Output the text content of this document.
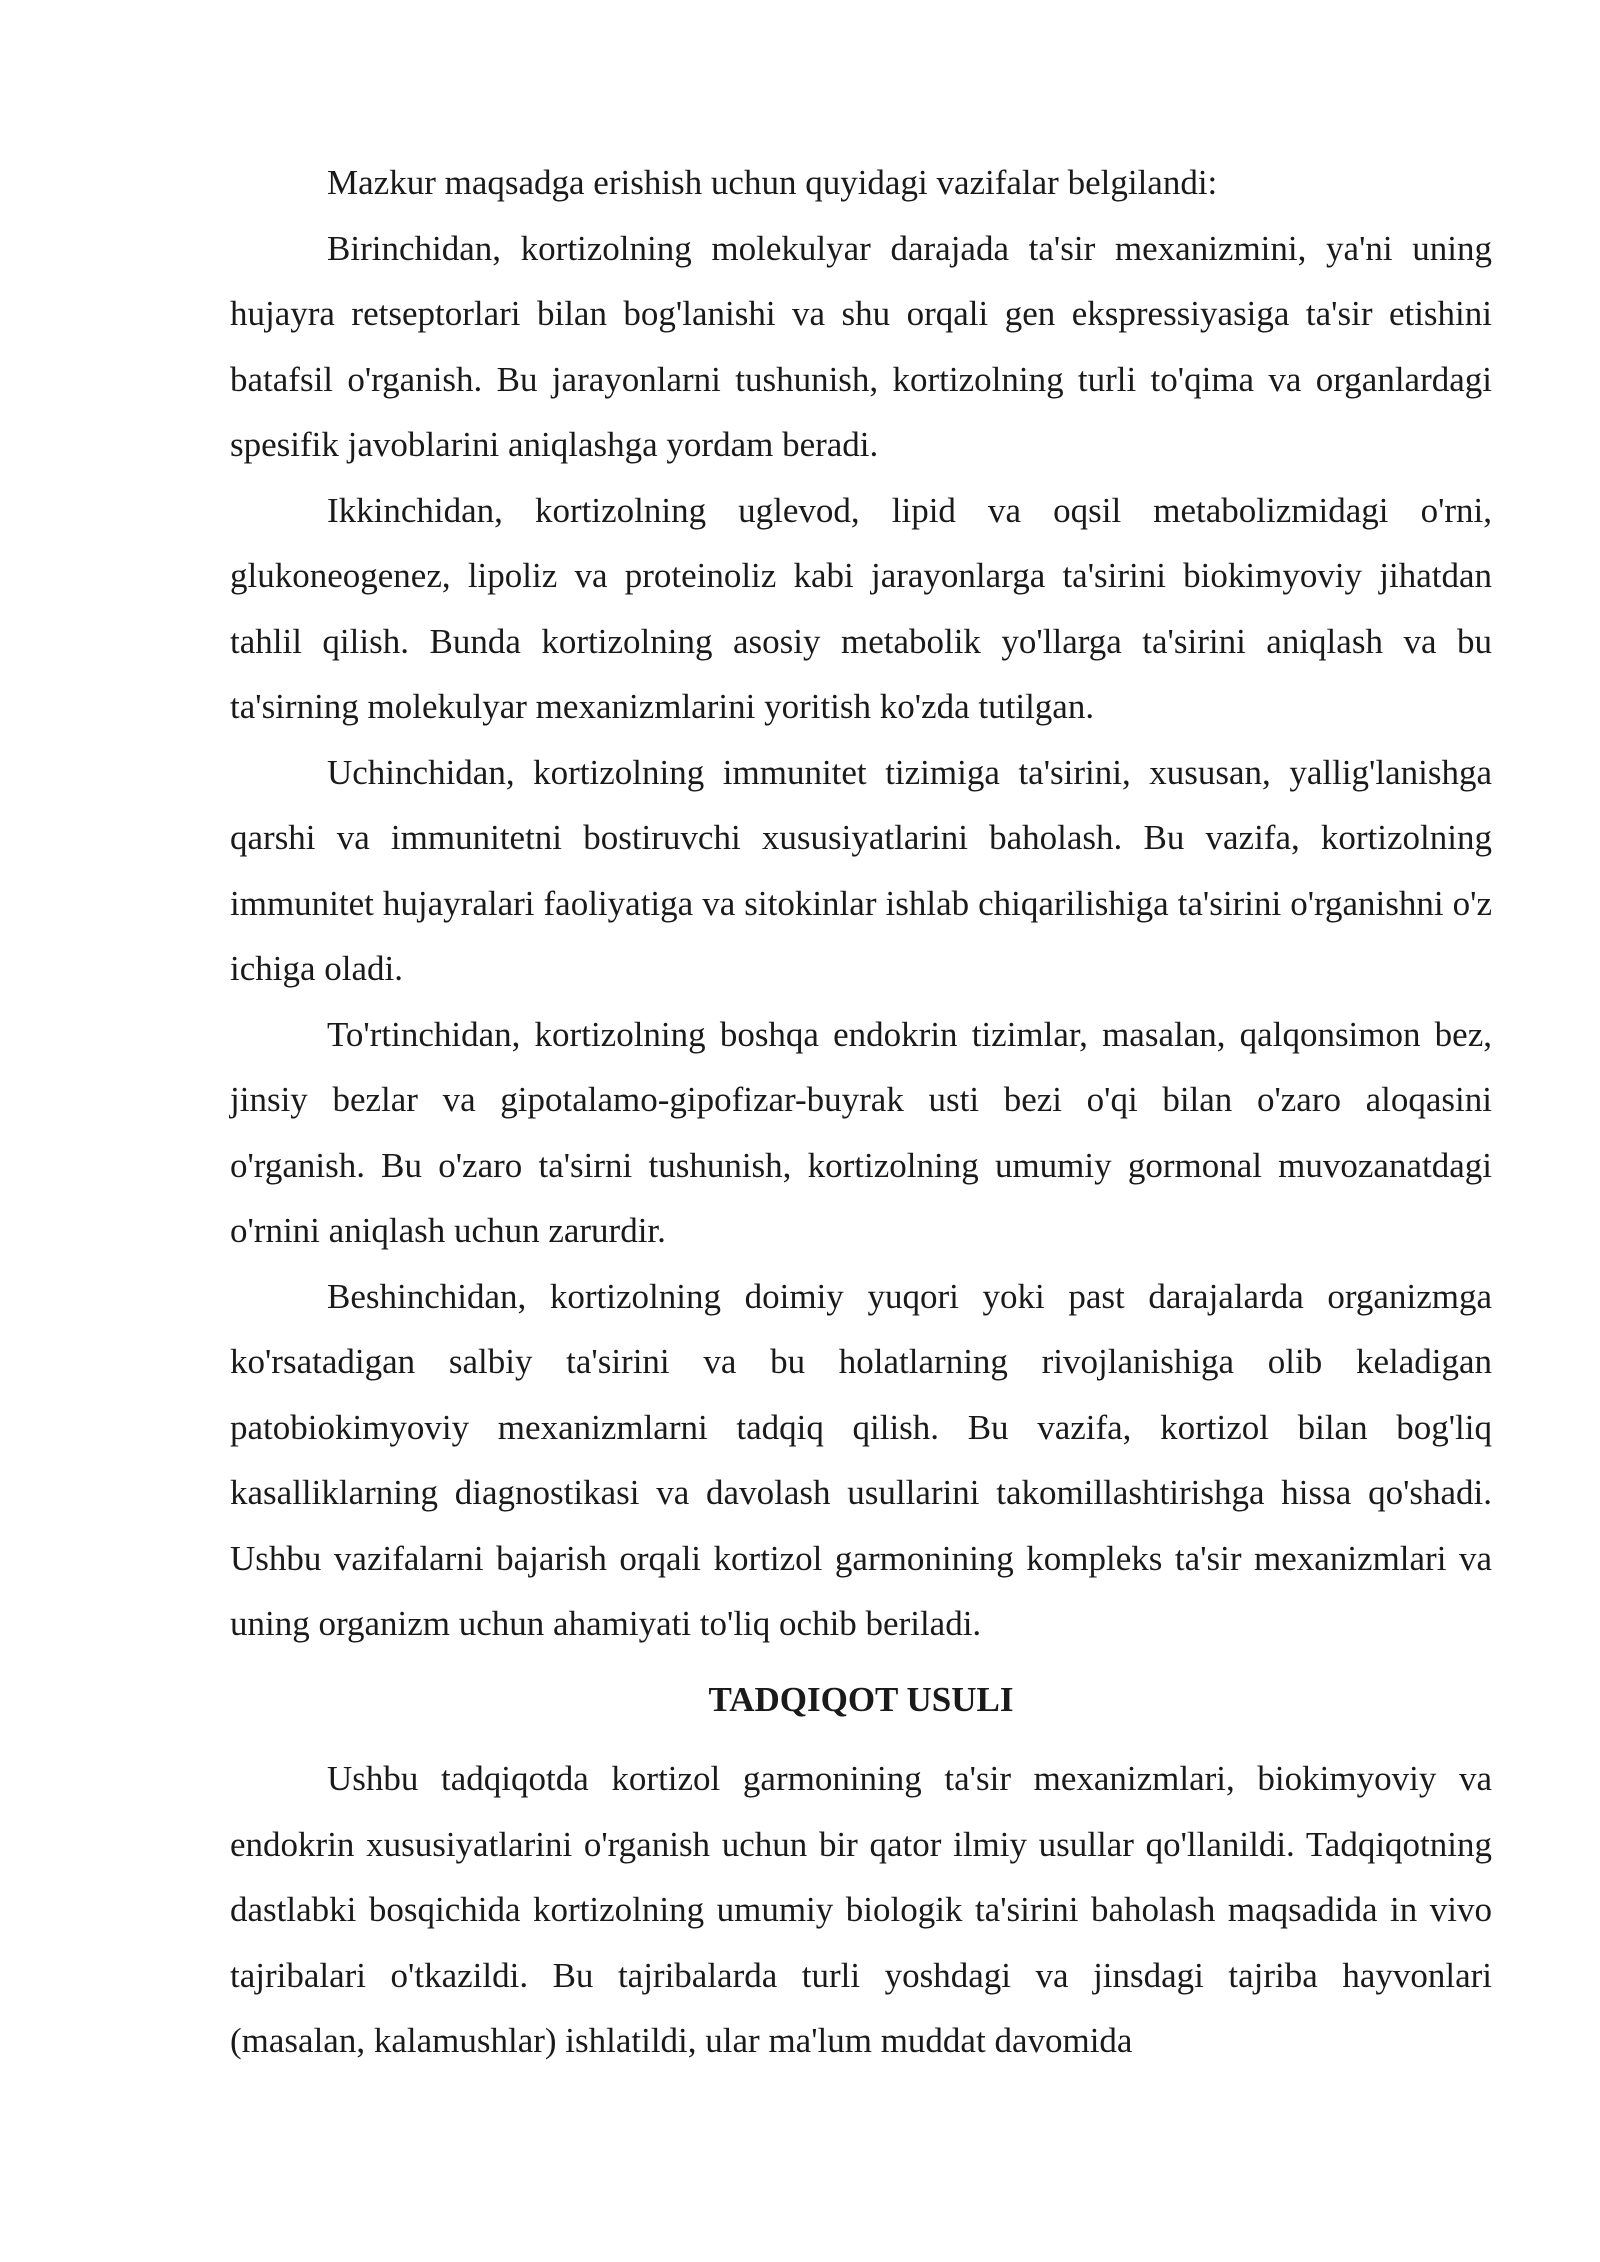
Mazkur maqsadga erishish uchun quyidagi vazifalar belgilandi:

Birinchidan, kortizolning molekulyar darajada ta'sir mexanizmini, ya'ni uning hujayra retseptorlari bilan bog'lanishi va shu orqali gen ekspressiyasiga ta'sir etishini batafsil o'rganish. Bu jarayonlarni tushunish, kortizolning turli to'qima va organlardagi spesifik javoblarini aniqlashga yordam beradi.

Ikkinchidan, kortizolning uglevod, lipid va oqsil metabolizmidagi o'rni, glukoneogenez, lipoliz va proteinoliz kabi jarayonlarga ta'sirini biokimyoviy jihatdan tahlil qilish. Bunda kortizolning asosiy metabolik yo'llarga ta'sirini aniqlash va bu ta'sirning molekulyar mexanizmlarini yoritish ko'zda tutilgan.

Uchinchidan, kortizolning immunitet tizimiga ta'sirini, xususan, yallig'lanishga qarshi va immunitetni bostiruvchi xususiyatlarini baholash. Bu vazifa, kortizolning immunitet hujayralari faoliyatiga va sitokinlar ishlab chiqarilishiga ta'sirini o'rganishni o'z ichiga oladi.

To'rtinchidan, kortizolning boshqa endokrin tizimlar, masalan, qalqonsimon bez, jinsiy bezlar va gipotalamo-gipofizar-buyrak usti bezi o'qi bilan o'zaro aloqasini o'rganish. Bu o'zaro ta'sirni tushunish, kortizolning umumiy gormonal muvozanatdagi o'rnini aniqlash uchun zarurdir.

Beshinchidan, kortizolning doimiy yuqori yoki past darajalarda organizmga ko'rsatadigan salbiy ta'sirini va bu holatlarning rivojlanishiga olib keladigan patobiokimyoviy mexanizmlarni tadqiq qilish. Bu vazifa, kortizol bilan bog'liq kasalliklarning diagnostikasi va davolash usullarini takomillashtirishga hissa qo'shadi. Ushbu vazifalarni bajarish orqali kortizol garmonining kompleks ta'sir mexanizmlari va uning organizm uchun ahamiyati to'liq ochib beriladi.

TADQIQOT USULI

Ushbu tadqiqotda kortizol garmonining ta'sir mexanizmlari, biokimyoviy va endokrin xususiyatlarini o'rganish uchun bir qator ilmiy usullar qo'llanildi. Tadqiqotning dastlabki bosqichida kortizolning umumiy biologik ta'sirini baholash maqsadida in vivo tajribalari o'tkazildi. Bu tajribalarda turli yoshdagi va jinsdagi tajriba hayvonlari (masalan, kalamushlar) ishlatildi, ular ma'lum muddat davomida
